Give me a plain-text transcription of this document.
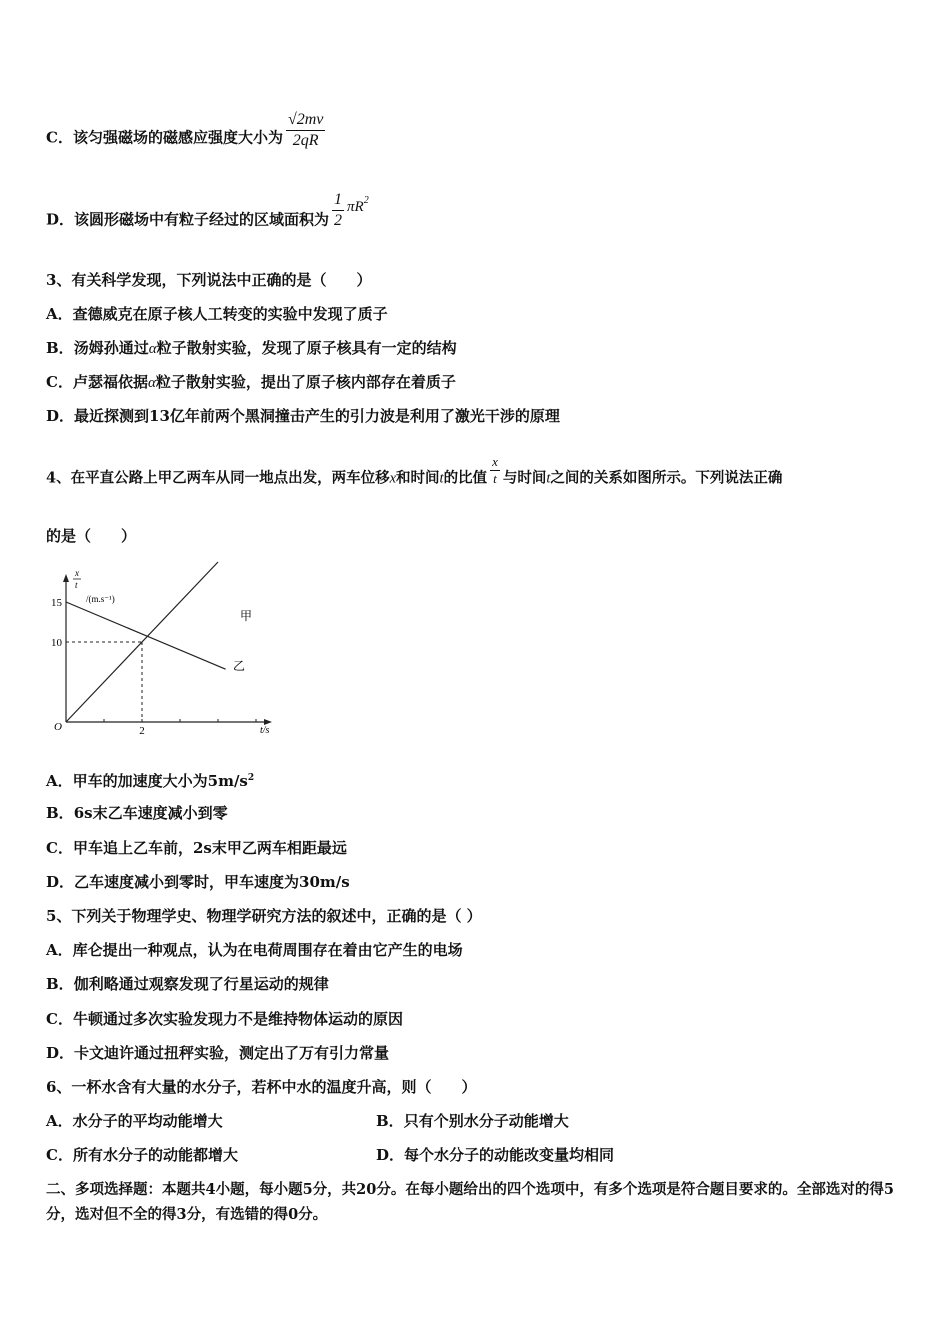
C．该匀强磁场的磁感应强度大小为 $\frac{√2mv}{2qR}$
D．该圆形磁场中有粒子经过的区域面积为 $\frac{1}{2} \pi R^2$
3、有关科学发现，下列说法中正确的是（　　）
A．查德威克在原子核人工转变的实验中发现了质子
B．汤姆孙通过α粒子散射实验，发现了原子核具有一定的结构
C．卢瑟福依据α粒子散射实验，提出了原子核内部存在着质子
D．最近探测到13亿年前两个黑洞撞击产生的引力波是利用了激光干涉的原理
4、在平直公路上甲乙两车从同一地点出发，两车位移x和时间t的比值 $\frac{x}{t}$ 与时间t之间的关系如图所示。下列说法正确
的是（　　）
15
10
2
O	t/s
x
t
/(m.s⁻¹)
甲
乙
A．甲车的加速度大小为$5m/s^2$
B．6s末乙车速度减小到零
C．甲车追上乙车前，2s末甲乙两车相距最远
D．乙车速度减小到零时，甲车速度为30m/s
5、下列关于物理学史、物理学研究方法的叙述中，正确的是（ ）
A．库仑提出一种观点，认为在电荷周围存在着由它产生的电场
B．伽利略通过观察发现了行星运动的规律
C．牛顿通过多次实验发现力不是维持物体运动的原因
D．卡文迪许通过扭秤实验，测定出了万有引力常量
6、一杯水含有大量的水分子，若杯中水的温度升高，则（　　）
A．水分子的平均动能增大	B．只有个别水分子动能增大
C．所有水分子的动能都增大	D．每个水分子的动能改变量均相同
二、多项选择题：本题共4小题，每小题5分，共20分。在每小题给出的四个选项中，有多个选项是符合题目要求的。全部选对的得5分，选对但不全的得3分，有选错的得0分。
